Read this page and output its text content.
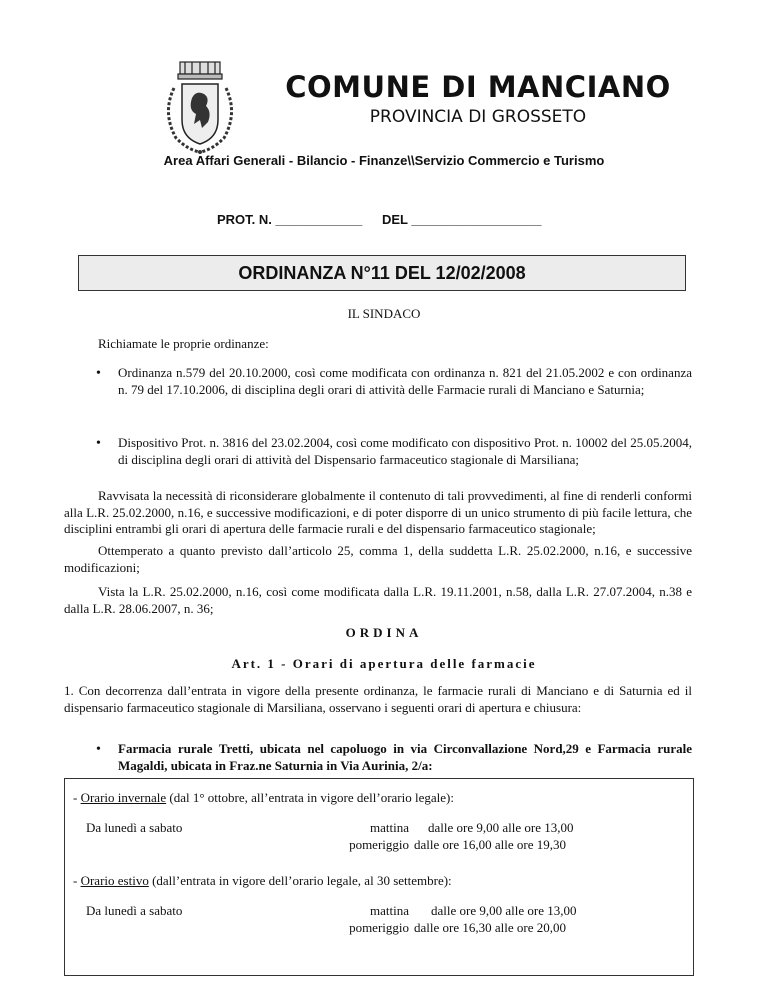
COMUNE DI MANCIANO
PROVINCIA DI GROSSETO
Area Affari Generali - Bilancio - Finanze\\Servizio Commercio e Turismo
PROT. N. ____________ DEL __________________
ORDINANZA N°11 DEL 12/02/2008
IL SINDACO
Richiamate le proprie ordinanze:
• Ordinanza n.579 del 20.10.2000, così come modificata con ordinanza n. 821 del 21.05.2002 e con ordinanza n. 79 del 17.10.2006, di disciplina degli orari di attività delle Farmacie rurali di Manciano e Saturnia;
• Dispositivo Prot. n. 3816 del 23.02.2004, così come modificato con dispositivo Prot. n. 10002 del 25.05.2004, di disciplina degli orari di attività del Dispensario farmaceutico stagionale di Marsiliana;
Ravvisata la necessità di riconsiderare globalmente il contenuto di tali provvedimenti, al fine di renderli conformi alla L.R. 25.02.2000, n.16, e successive modificazioni, e di poter disporre di un unico strumento di più facile lettura, che disciplini entrambi gli orari di apertura delle farmacie rurali e del dispensario farmaceutico stagionale;
Ottemperato a quanto previsto dall’articolo 25, comma 1, della suddetta L.R. 25.02.2000, n.16, e successive modificazioni;
Vista la L.R. 25.02.2000, n.16, così come modificata dalla L.R. 19.11.2001, n.58, dalla L.R. 27.07.2004, n.38 e dalla L.R. 28.06.2007, n. 36;
ORDINA
Art. 1 - Orari di apertura delle farmacie
1. Con decorrenza dall’entrata in vigore della presente ordinanza, le farmacie rurali di Manciano e di Saturnia ed il dispensario farmaceutico stagionale di Marsiliana, osservano i seguenti orari di apertura e chiusura:
• Farmacia rurale Tretti, ubicata nel capoluogo in via Circonvallazione Nord,29 e Farmacia rurale Magaldi, ubicata in Fraz.ne Saturnia in Via Aurinia, 2/a:
- Orario invernale (dal 1° ottobre, all’entrata in vigore dell’orario legale):
Da lunedì a sabato	mattina dalle ore 9,00 alle ore 13,00
pomeriggio dalle ore 16,00 alle ore 19,30
- Orario estivo (dall’entrata in vigore dell’orario legale, al 30 settembre):
Da lunedì a sabato	mattina dalle ore 9,00 alle ore 13,00
pomeriggio dalle ore 16,30 alle ore 20,00
